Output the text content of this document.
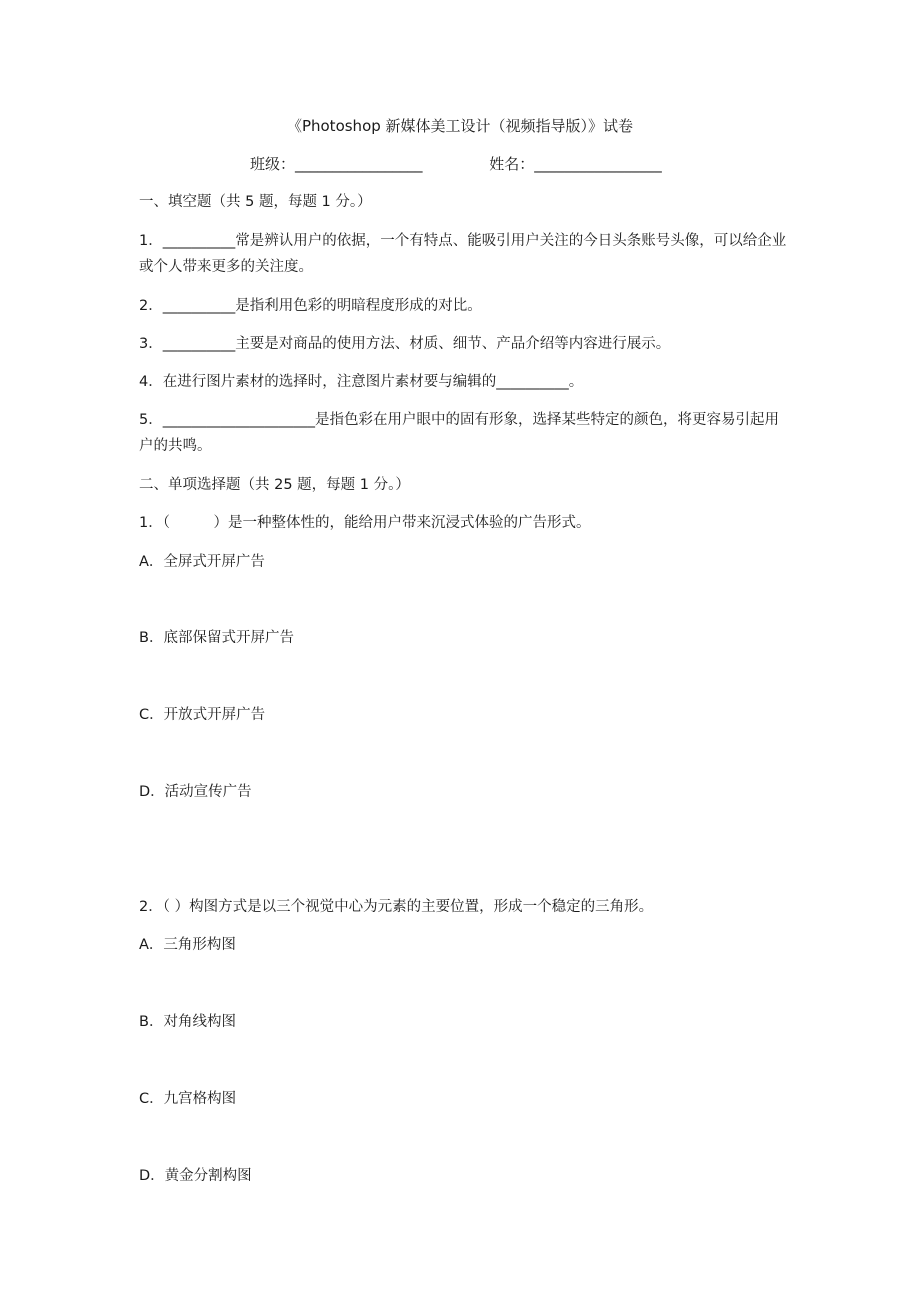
《Photoshop 新媒体美工设计（视频指导版）》试卷
班级：_________________	姓名：_________________
一、填空题（共 5 题，每题 1 分。）
1．__________常是辨认用户的依据，一个有特点、能吸引用户关注的今日头条账号头像，可以给企业或个人带来更多的关注度。
2．__________是指利用色彩的明暗程度形成的对比。
3．__________主要是对商品的使用方法、材质、细节、产品介绍等内容进行展示。
4．在进行图片素材的选择时，注意图片素材要与编辑的__________。
5．_____________________是指色彩在用户眼中的固有形象，选择某些特定的颜色，将更容易引起用户的共鸣。
二、单项选择题（共 25 题，每题 1 分。）
1．（　　　）是一种整体性的，能给用户带来沉浸式体验的广告形式。
A．全屏式开屏广告
B．底部保留式开屏广告
C．开放式开屏广告
D．活动宣传广告
2．（ ）构图方式是以三个视觉中心为元素的主要位置，形成一个稳定的三角形。
A．三角形构图
B．对角线构图
C．九宫格构图
D．黄金分割构图
